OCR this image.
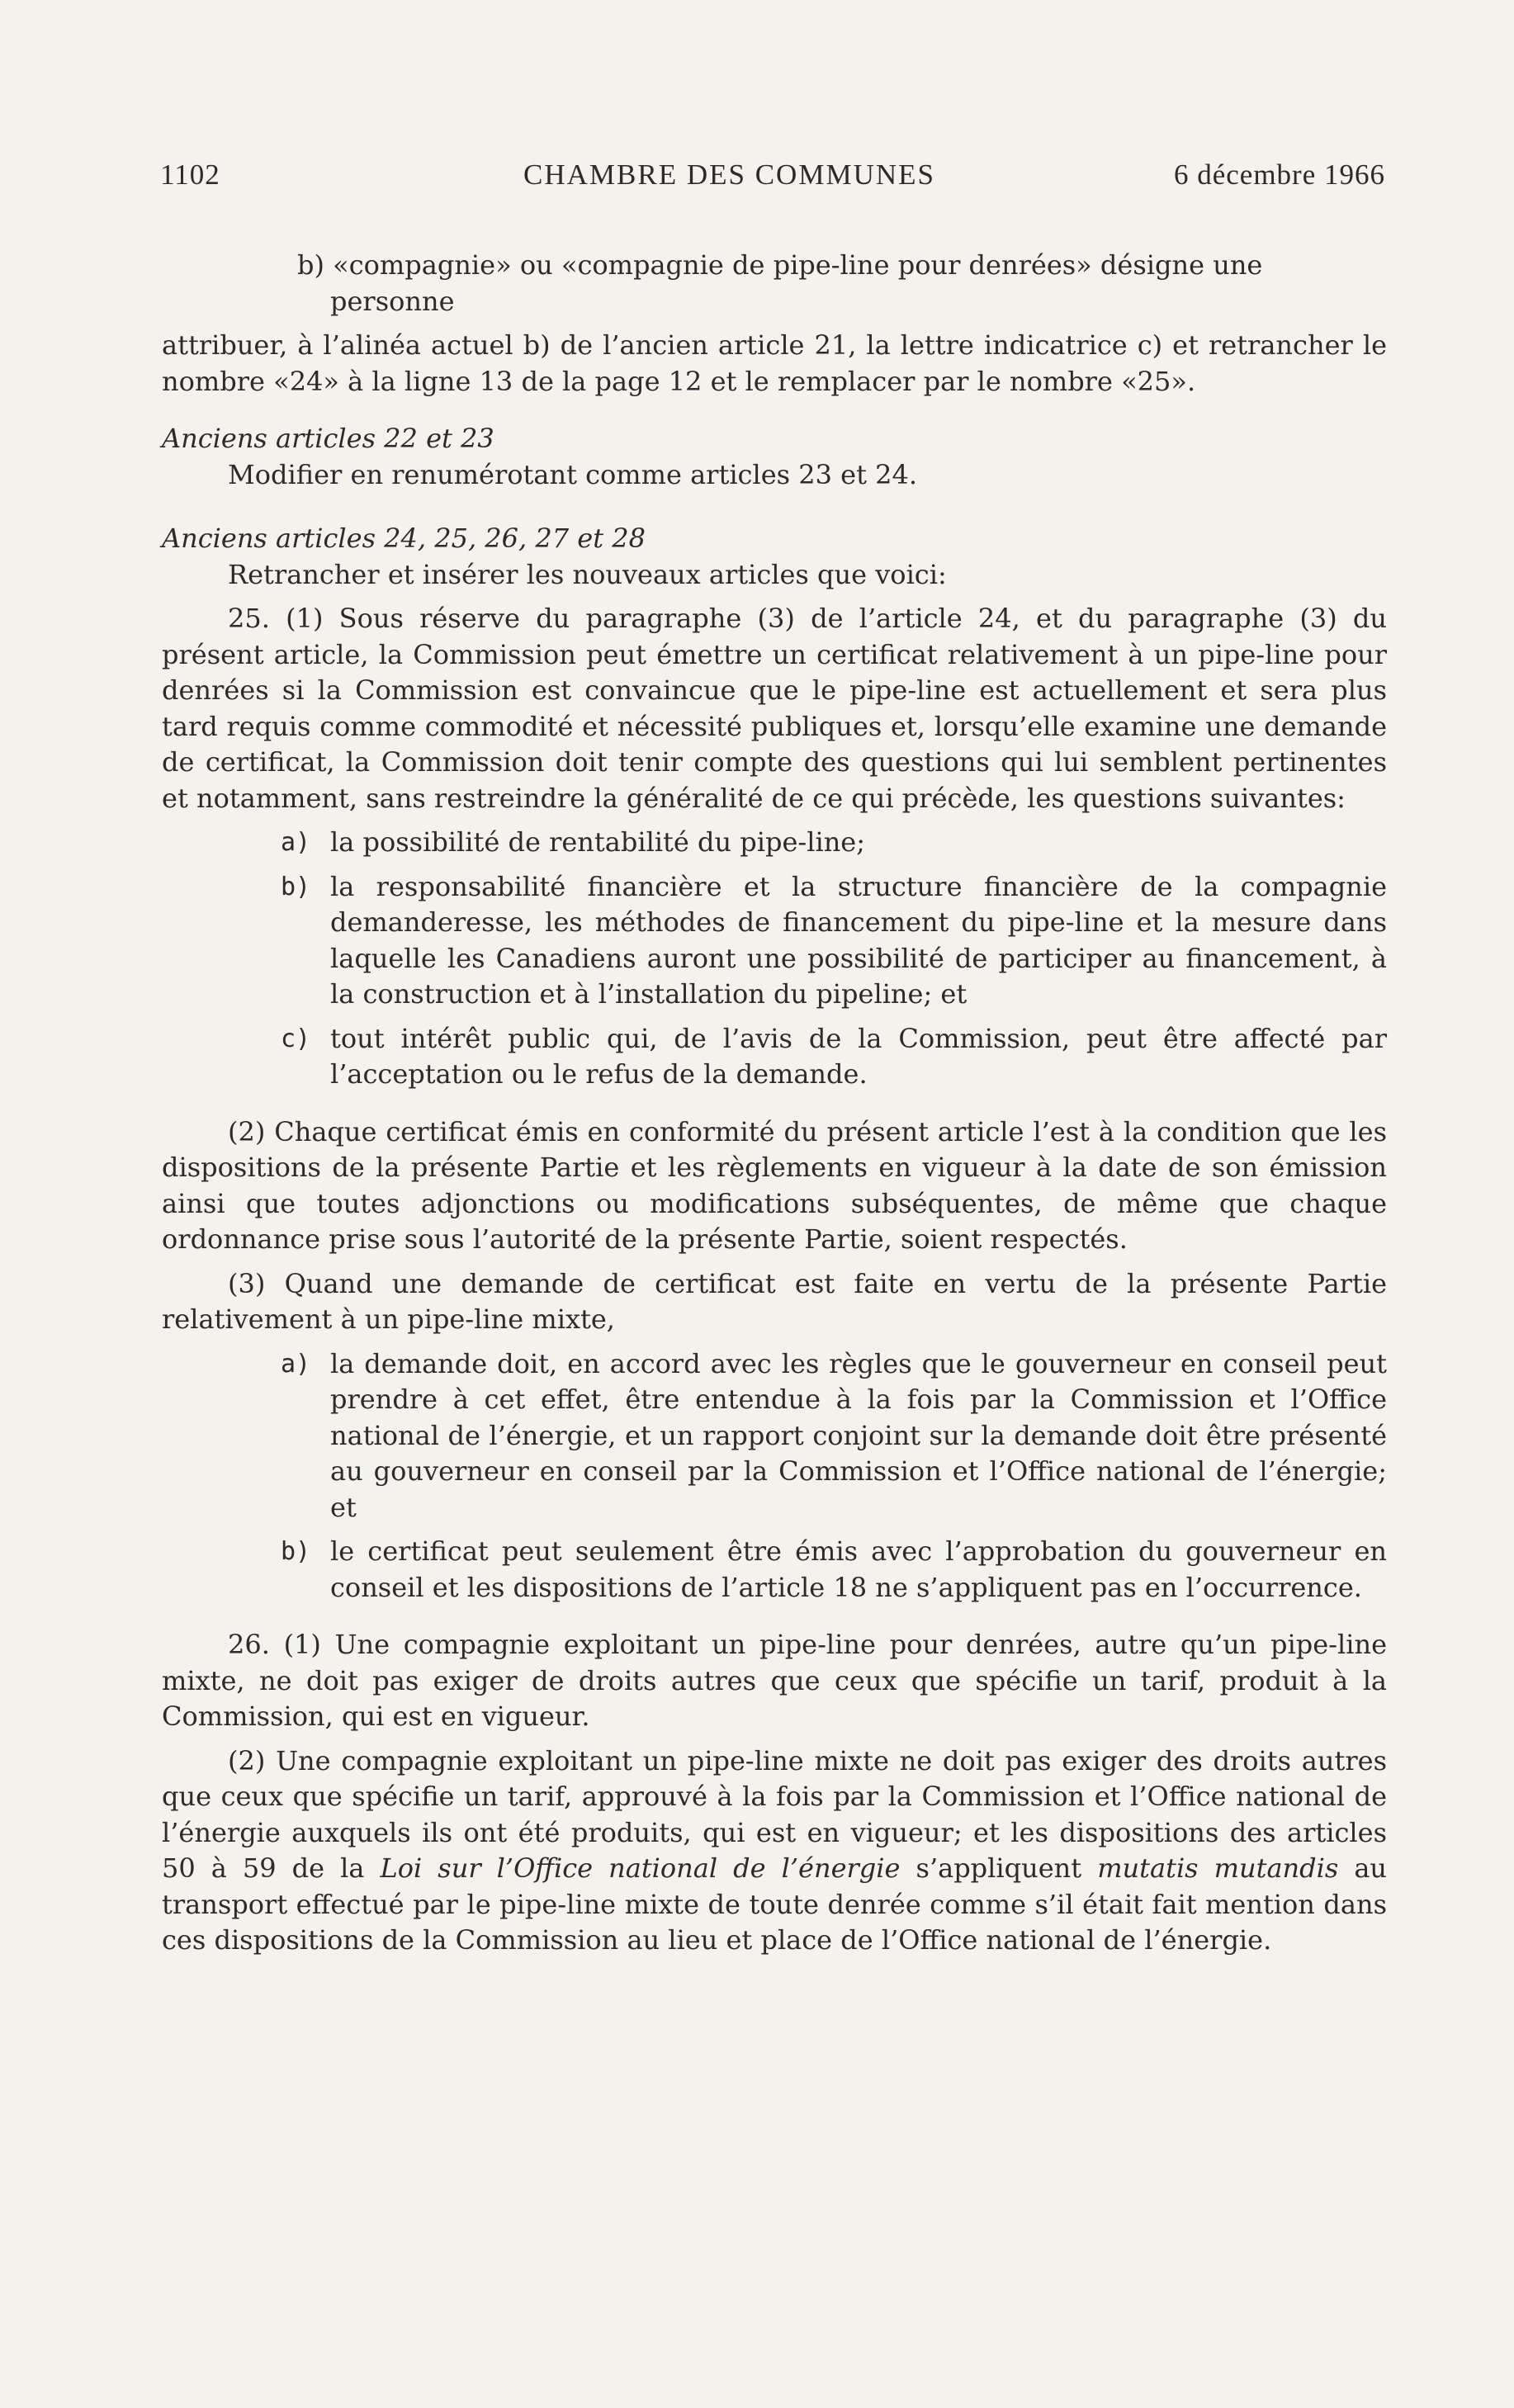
1102	CHAMBRE DES COMMUNES	6 décembre 1966

b) «compagnie» ou «compagnie de pipe-line pour denrées» désigne une personne

attribuer, à l’alinéa actuel b) de l’ancien article 21, la lettre indicatrice c) et retrancher le nombre «24» à la ligne 13 de la page 12 et le remplacer par le nombre «25».

Anciens articles 22 et 23

Modifier en renumérotant comme articles 23 et 24.

Anciens articles 24, 25, 26, 27 et 28

Retrancher et insérer les nouveaux articles que voici:

25. (1) Sous réserve du paragraphe (3) de l’article 24, et du paragraphe (3) du présent article, la Commission peut émettre un certificat relativement à un pipe-line pour denrées si la Commission est convaincue que le pipe-line est actuellement et sera plus tard requis comme commodité et nécessité publiques et, lorsqu’elle examine une demande de certificat, la Commission doit tenir compte des questions qui lui semblent pertinentes et notamment, sans restreindre la généralité de ce qui précède, les questions suivantes:

a) la possibilité de rentabilité du pipe-line;
b) la responsabilité financière et la structure financière de la compagnie demanderesse, les méthodes de financement du pipe-line et la mesure dans laquelle les Canadiens auront une possibilité de participer au financement, à la construction et à l’installation du pipeline; et
c) tout intérêt public qui, de l’avis de la Commission, peut être affecté par l’acceptation ou le refus de la demande.

(2) Chaque certificat émis en conformité du présent article l’est à la condition que les dispositions de la présente Partie et les règlements en vigueur à la date de son émission ainsi que toutes adjonctions ou modifications subséquentes, de même que chaque ordonnance prise sous l’autorité de la présente Partie, soient respectés.

(3) Quand une demande de certificat est faite en vertu de la présente Partie relativement à un pipe-line mixte,

a) la demande doit, en accord avec les règles que le gouverneur en conseil peut prendre à cet effet, être entendue à la fois par la Commission et l’Office national de l’énergie, et un rapport conjoint sur la demande doit être présenté au gouverneur en conseil par la Commission et l’Office national de l’énergie; et
b) le certificat peut seulement être émis avec l’approbation du gouverneur en conseil et les dispositions de l’article 18 ne s’appliquent pas en l’occurrence.

26. (1) Une compagnie exploitant un pipe-line pour denrées, autre qu’un pipe-line mixte, ne doit pas exiger de droits autres que ceux que spécifie un tarif, produit à la Commission, qui est en vigueur.

(2) Une compagnie exploitant un pipe-line mixte ne doit pas exiger des droits autres que ceux que spécifie un tarif, approuvé à la fois par la Commission et l’Office national de l’énergie auxquels ils ont été produits, qui est en vigueur; et les dispositions des articles 50 à 59 de la Loi sur l’Office national de l’énergie s’appliquent mutatis mutandis au transport effectué par le pipe-line mixte de toute denrée comme s’il était fait mention dans ces dispositions de la Commission au lieu et place de l’Office national de l’énergie.
